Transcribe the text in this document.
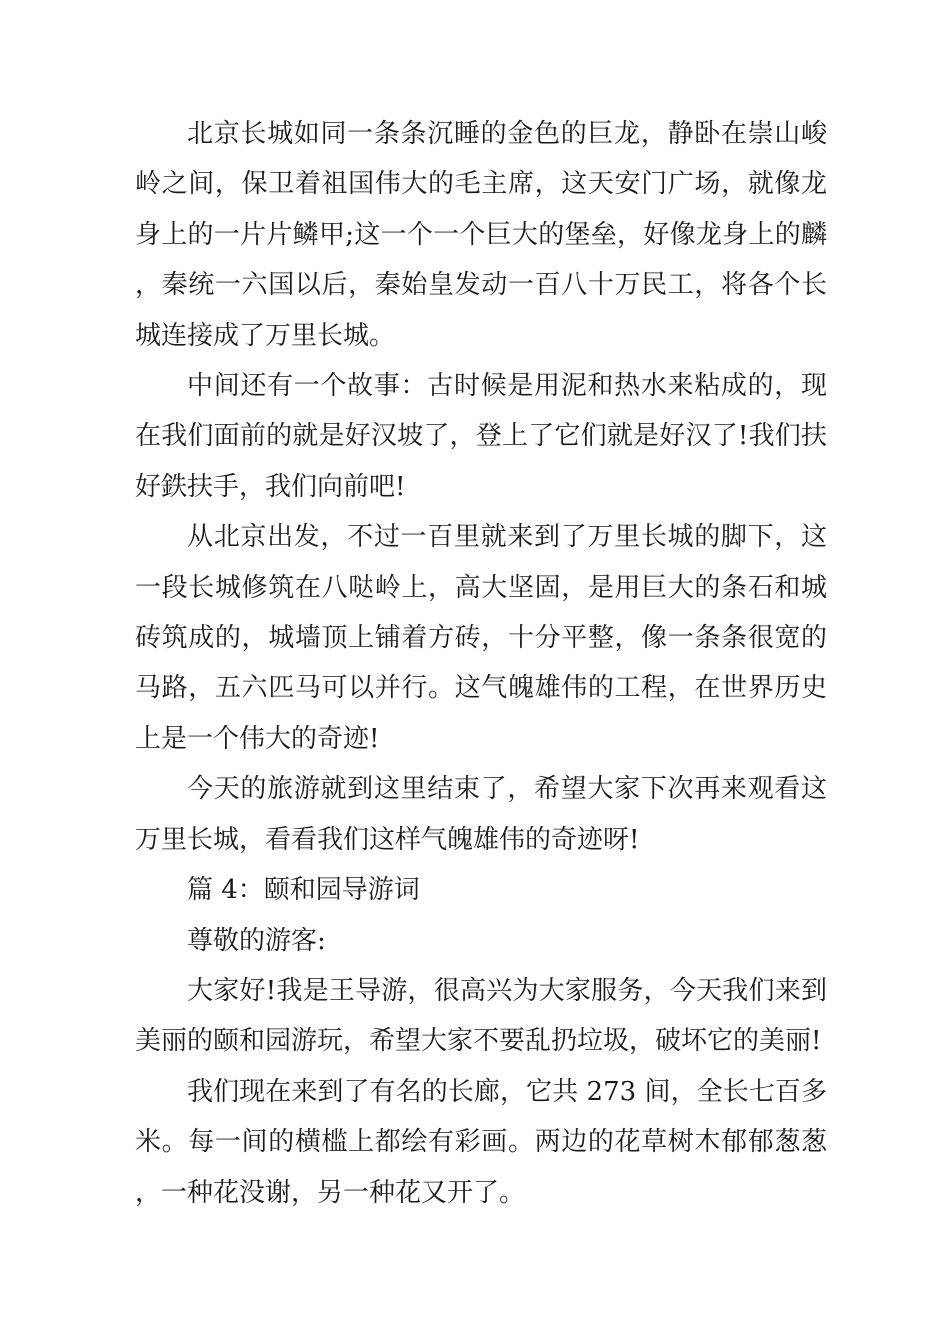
北京长城如同一条条沉睡的金色的巨龙，静卧在崇山峻岭之间，保卫着祖国伟大的毛主席，这天安门广场，就像龙身上的一片片鳞甲;这一个一个巨大的堡垒，好像龙身上的麟，秦统一六国以后，秦始皇发动一百八十万民工，将各个长城连接成了万里长城。

中间还有一个故事：古时候是用泥和热水来粘成的，现在我们面前的就是好汉坡了，登上了它们就是好汉了!我们扶好鉄扶手，我们向前吧!

从北京出发，不过一百里就来到了万里长城的脚下，这一段长城修筑在八哒岭上，高大坚固，是用巨大的条石和城砖筑成的，城墙顶上铺着方砖，十分平整，像一条条很宽的马路，五六匹马可以并行。这气魄雄伟的工程，在世界历史上是一个伟大的奇迹!

今天的旅游就到这里结束了，希望大家下次再来观看这万里长城，看看我们这样气魄雄伟的奇迹呀!

篇 4：颐和园导游词

尊敬的游客:

大家好!我是王导游，很高兴为大家服务，今天我们来到美丽的颐和园游玩，希望大家不要乱扔垃圾，破坏它的美丽!

我们现在来到了有名的长廊，它共 273 间，全长七百多米。每一间的横槛上都绘有彩画。两边的花草树木郁郁葱葱，一种花没谢，另一种花又开了。
